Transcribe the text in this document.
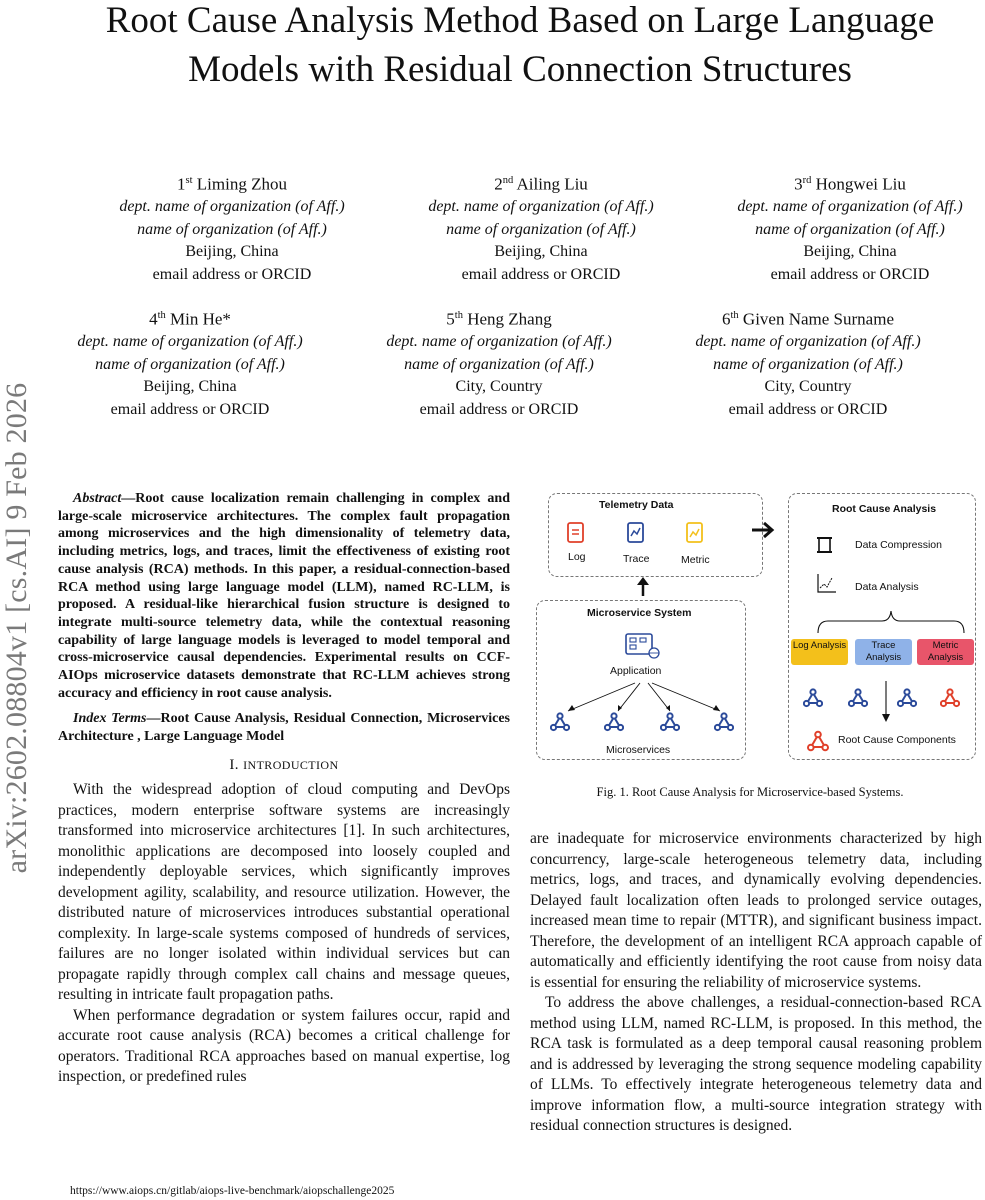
Root Cause Analysis Method Based on Large Language Models with Residual Connection Structures
arXiv:2602.08804v1 [cs.AI] 9 Feb 2026
1st Liming Zhou
dept. name of organization (of Aff.)
name of organization (of Aff.)
Beijing, China
email address or ORCID
2nd Ailing Liu
dept. name of organization (of Aff.)
name of organization (of Aff.)
Beijing, China
email address or ORCID
3rd Hongwei Liu
dept. name of organization (of Aff.)
name of organization (of Aff.)
Beijing, China
email address or ORCID
4th Min He*
dept. name of organization (of Aff.)
name of organization (of Aff.)
Beijing, China
email address or ORCID
5th Heng Zhang
dept. name of organization (of Aff.)
name of organization (of Aff.)
City, Country
email address or ORCID
6th Given Name Surname
dept. name of organization (of Aff.)
name of organization (of Aff.)
City, Country
email address or ORCID

Abstract—Root cause localization remain challenging in complex and large-scale microservice architectures. The complex fault propagation among microservices and the high dimensionality of telemetry data, including metrics, logs, and traces, limit the effectiveness of existing root cause analysis (RCA) methods. In this paper, a residual-connection-based RCA method using large language model (LLM), named RC-LLM, is proposed. A residual-like hierarchical fusion structure is designed to integrate multi-source telemetry data, while the contextual reasoning capability of large language models is leveraged to model temporal and cross-microservice causal dependencies. Experimental results on CCF-AIOps microservice datasets demonstrate that RC-LLM achieves strong accuracy and efficiency in root cause analysis.

Index Terms—Root Cause Analysis, Residual Connection, Microservices Architecture , Large Language Model

I. INTRODUCTION

With the widespread adoption of cloud computing and DevOps practices, modern enterprise software systems are increasingly transformed into microservice architectures [1]. In such architectures, monolithic applications are decomposed into loosely coupled and independently deployable services, which significantly improves development agility, scalability, and resource utilization. However, the distributed nature of microservices introduces substantial operational complexity. In large-scale systems composed of hundreds of services, failures are no longer isolated within individual services but can propagate rapidly through complex call chains and message queues, resulting in intricate fault propagation paths.

When performance degradation or system failures occur, rapid and accurate root cause analysis (RCA) becomes a critical challenge for operators. Traditional RCA approaches based on manual expertise, log inspection, or predefined rules

are inadequate for microservice environments characterized by high concurrency, large-scale heterogeneous telemetry data, including metrics, logs, and traces, and dynamically evolving dependencies. Delayed fault localization often leads to prolonged service outages, increased mean time to repair (MTTR), and significant business impact. Therefore, the development of an intelligent RCA approach capable of automatically and efficiently identifying the root cause from noisy data is essential for ensuring the reliability of microservice systems.

To address the above challenges, a residual-connection-based RCA method using LLM, named RC-LLM, is proposed. In this method, the RCA task is formulated as a deep temporal causal reasoning problem and is addressed by leveraging the strong sequence modeling capability of LLMs. To effectively integrate heterogeneous telemetry data and improve information flow, a multi-source integration strategy with residual connection structures is designed.

https://www.aiops.cn/gitlab/aiops-live-benchmark/aiopschallenge2025
Telemetry Data
Log	Trace	Metric
Microservice System
Application
Microservices
Root Cause Analysis
Data Compression
Data Analysis
Log Analysis	Trace Analysis
Metric Analysis
Root Cause Components
Fig. 1. Root Cause Analysis for Microservice-based Systems.
